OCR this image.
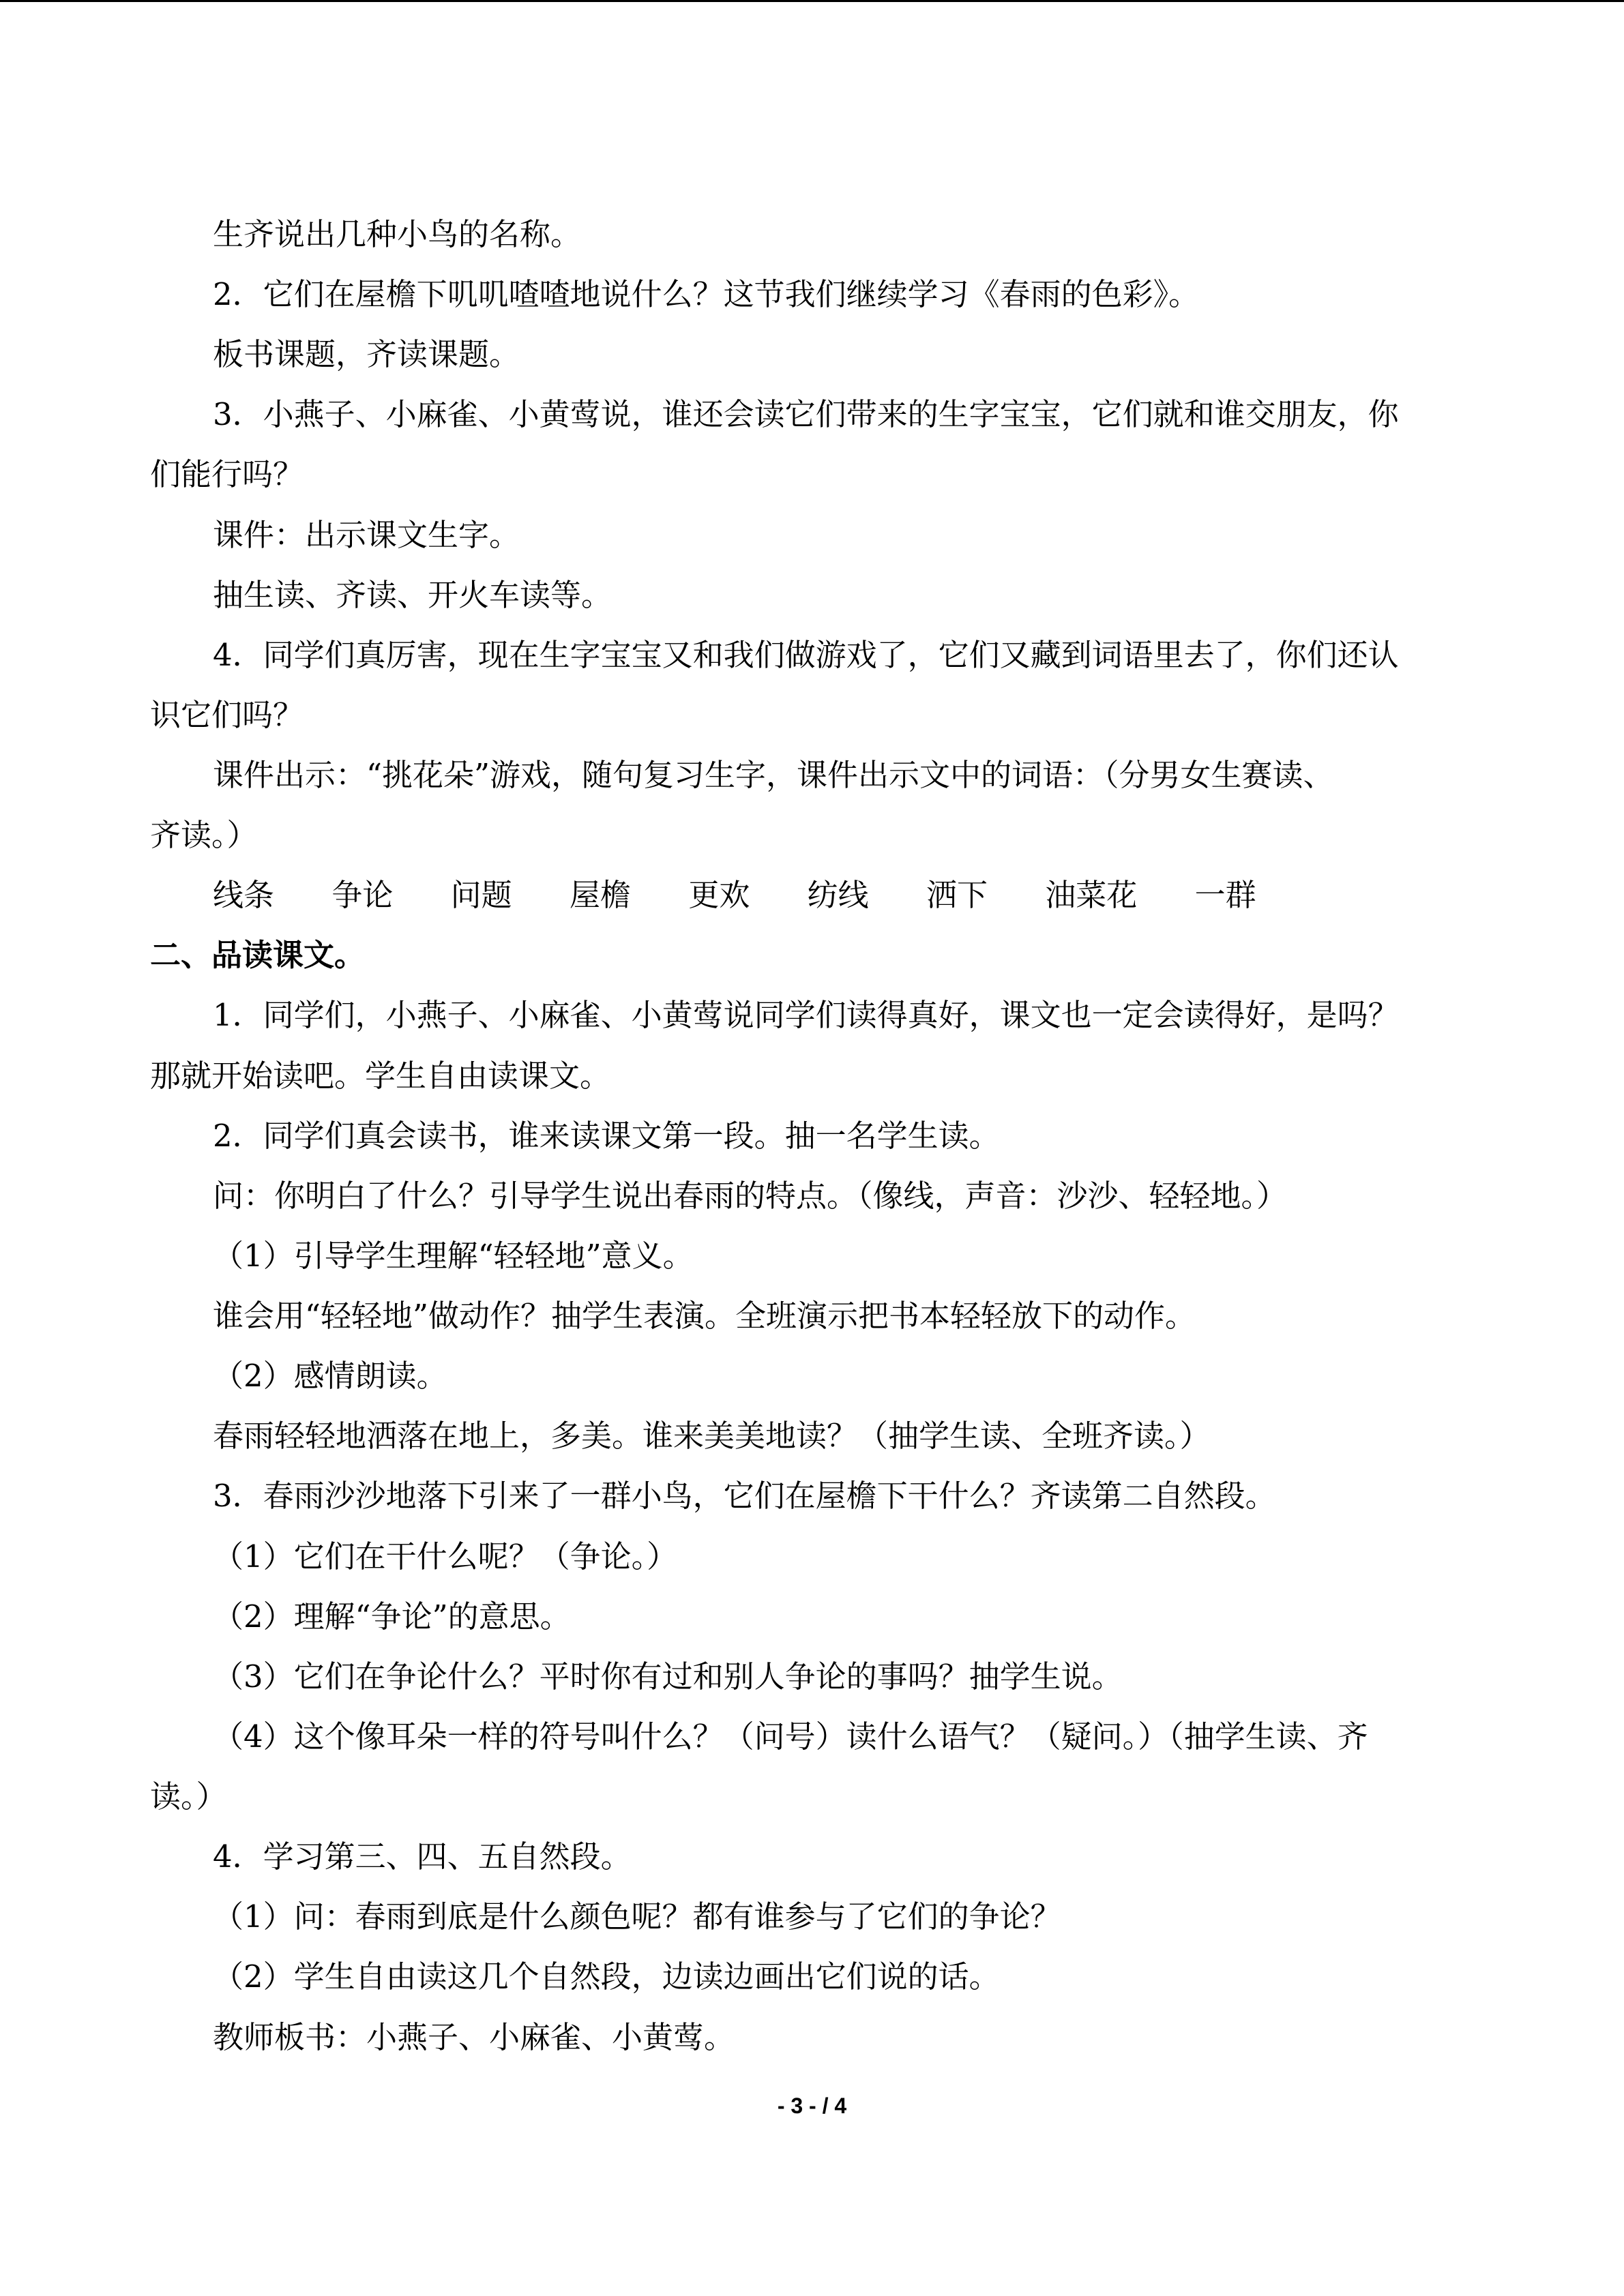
生齐说出几种小鸟的名称。
2．它们在屋檐下叽叽喳喳地说什么？这节我们继续学习《春雨的色彩》。
板书课题，齐读课题。
3．小燕子、小麻雀、小黄莺说，谁还会读它们带来的生字宝宝，它们就和谁交朋友，你
们能行吗？
课件：出示课文生字。
抽生读、齐读、开火车读等。
4．同学们真厉害，现在生字宝宝又和我们做游戏了，它们又藏到词语里去了，你们还认
识它们吗？
课件出示：“挑花朵”游戏，随句复习生字，课件出示文中的词语：（分男女生赛读、
齐读。）
线条 争论 问题 屋檐 更欢 纺线 洒下 油菜花 一群
二、品读课文。
1．同学们，小燕子、小麻雀、小黄莺说同学们读得真好，课文也一定会读得好，是吗？
那就开始读吧。学生自由读课文。
2．同学们真会读书，谁来读课文第一段。抽一名学生读。
问：你明白了什么？引导学生说出春雨的特点。（像线，声音：沙沙、轻轻地。）
（1）引导学生理解“轻轻地”意义。
谁会用“轻轻地”做动作？抽学生表演。全班演示把书本轻轻放下的动作。
（2）感情朗读。
春雨轻轻地洒落在地上，多美。谁来美美地读？（抽学生读、全班齐读。）
3．春雨沙沙地落下引来了一群小鸟，它们在屋檐下干什么？齐读第二自然段。
（1）它们在干什么呢？（争论。）
（2）理解“争论”的意思。
（3）它们在争论什么？平时你有过和别人争论的事吗？抽学生说。
（4）这个像耳朵一样的符号叫什么？（问号）读什么语气？（疑问。）（抽学生读、齐
读。）
4．学习第三、四、五自然段。
（1）问：春雨到底是什么颜色呢？都有谁参与了它们的争论？
（2）学生自由读这几个自然段，边读边画出它们说的话。
教师板书：小燕子、小麻雀、小黄莺。
- 3 - / 4
